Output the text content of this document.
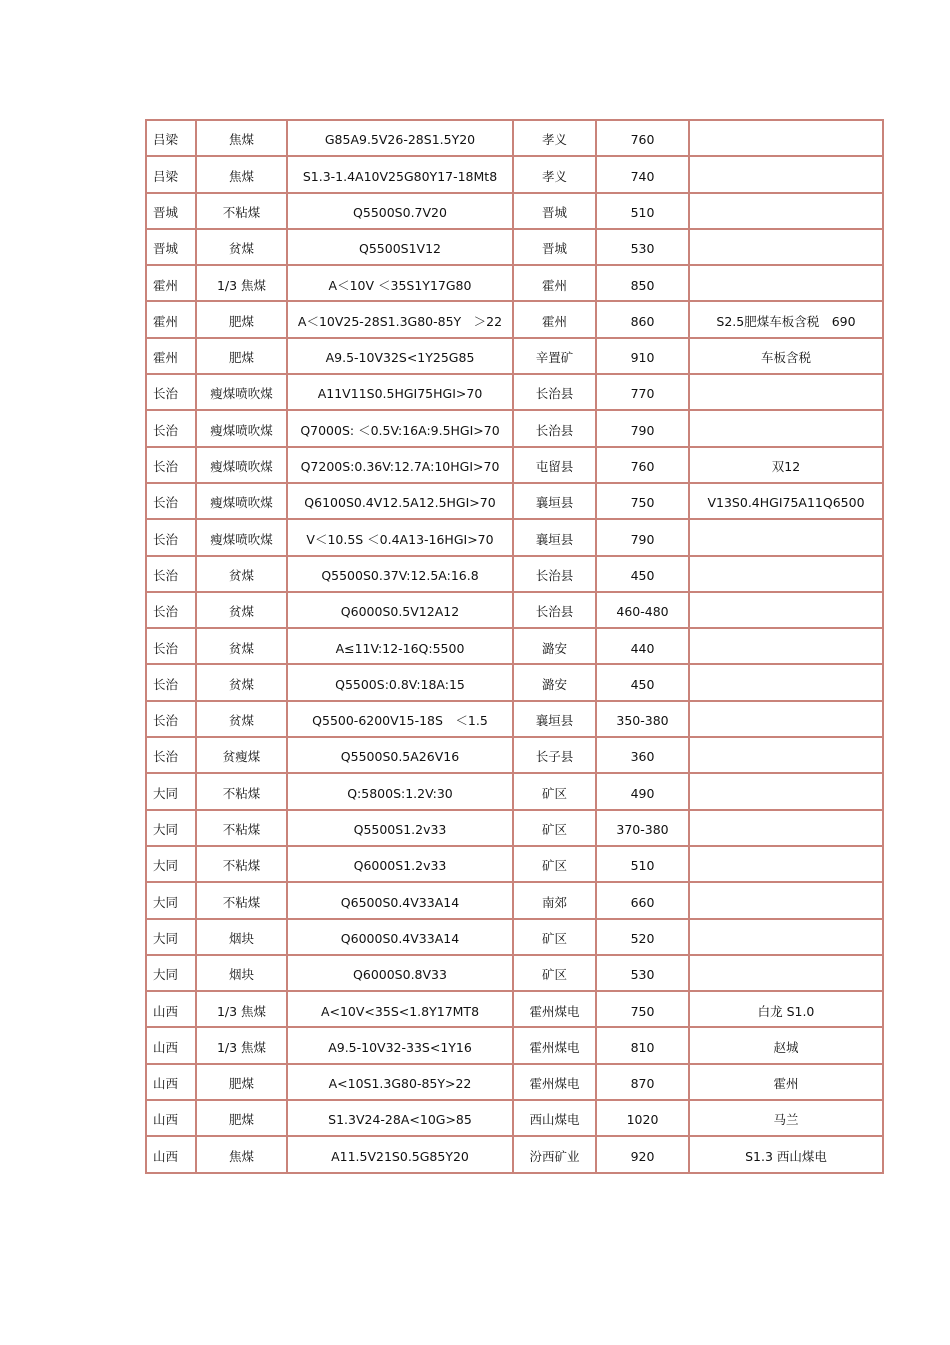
吕梁	焦煤	G85A9.5V26-28S1.5Y20	孝义	760	
吕梁	焦煤	S1.3-1.4A10V25G80Y17-18Mt8	孝义	740	
晋城	不粘煤	Q5500S0.7V20	晋城	510	
晋城	贫煤	Q5500S1V12	晋城	530	
霍州	1/3 焦煤	A＜10V ＜35S1Y17G80	霍州	850	
霍州	肥煤	A＜10V25-28S1.3G80-85Y　＞22	霍州	860	S2.5肥煤车板含税　690
霍州	肥煤	A9.5-10V32S<1Y25G85	辛置矿	910	车板含税
长治	瘦煤喷吹煤	A11V11S0.5HGI75HGI>70	长治县	770	
长治	瘦煤喷吹煤	Q7000S: ＜0.5V:16A:9.5HGI>70	长治县	790	
长治	瘦煤喷吹煤	Q7200S:0.36V:12.7A:10HGI>70	屯留县	760	双12
长治	瘦煤喷吹煤	Q6100S0.4V12.5A12.5HGI>70	襄垣县	750	V13S0.4HGI75A11Q6500
长治	瘦煤喷吹煤	V＜10.5S ＜0.4A13-16HGI>70	襄垣县	790	
长治	贫煤	Q5500S0.37V:12.5A:16.8	长治县	450	
长治	贫煤	Q6000S0.5V12A12	长治县	460-480	
长治	贫煤	A≤11V:12-16Q:5500	潞安	440	
长治	贫煤	Q5500S:0.8V:18A:15	潞安	450	
长治	贫煤	Q5500-6200V15-18S　＜1.5	襄垣县	350-380	
长治	贫瘦煤	Q5500S0.5A26V16	长子县	360	
大同	不粘煤	Q:5800S:1.2V:30	矿区	490	
大同	不粘煤	Q5500S1.2v33	矿区	370-380	
大同	不粘煤	Q6000S1.2v33	矿区	510	
大同	不粘煤	Q6500S0.4V33A14	南郊	660	
大同	烟块	Q6000S0.4V33A14	矿区	520	
大同	烟块	Q6000S0.8V33	矿区	530	
山西	1/3 焦煤	A<10V<35S<1.8Y17MT8	霍州煤电	750	白龙 S1.0
山西	1/3 焦煤	A9.5-10V32-33S<1Y16	霍州煤电	810	赵城
山西	肥煤	A<10S1.3G80-85Y>22	霍州煤电	870	霍州
山西	肥煤	S1.3V24-28A<10G>85	西山煤电	1020	马兰
山西	焦煤	A11.5V21S0.5G85Y20	汾西矿业	920	S1.3 西山煤电
